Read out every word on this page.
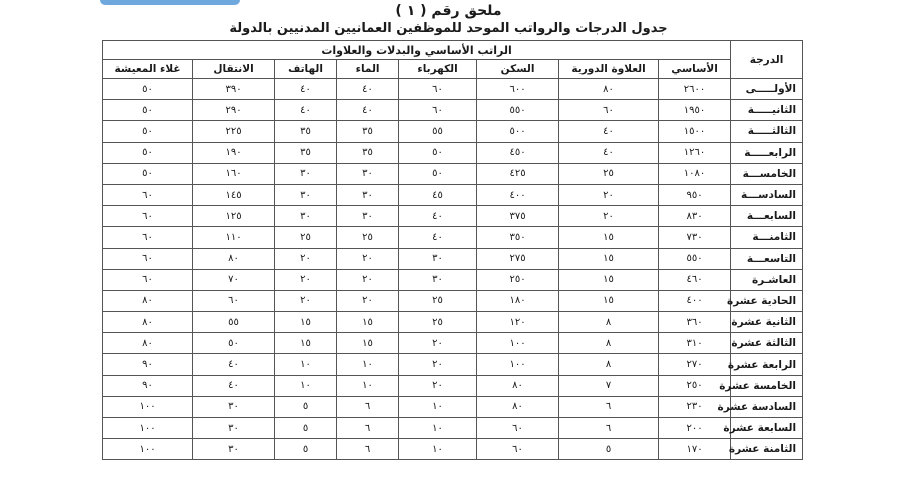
ملحق رقم ( ١ )
جدول الدرجات والرواتب الموحد للموظفين العمانيين المدنيين بالدولة
الدرجة	الراتب الأساسي والبدلات والعلاوات							
	الأساسي	العلاوة الدورية	السكن	الكهرباء	الماء	الهاتف	الانتقال	غلاء المعيشة
الأولـــــى	٢٦٠٠	٨٠	٦٠٠	٦٠	٤٠	٤٠	٣٩٠	٥٠
الثانيـــــة	١٩٥٠	٦٠	٥٥٠	٦٠	٤٠	٤٠	٢٩٠	٥٠
الثالثـــــة	١٥٠٠	٤٠	٥٠٠	٥٥	٣٥	٣٥	٢٢٥	٥٠
الرابعـــــة	١٢٦٠	٤٠	٤٥٠	٥٠	٣٥	٣٥	١٩٠	٥٠
الخامســـة	١٠٨٠	٢٥	٤٢٥	٥٠	٣٠	٣٠	١٦٠	٥٠
السادســـة	٩٥٠	٢٠	٤٠٠	٤٥	٣٠	٣٠	١٤٥	٦٠
السابعـــة	٨٣٠	٢٠	٣٧٥	٤٠	٣٠	٣٠	١٢٥	٦٠
الثامنـــة	٧٣٠	١٥	٣٥٠	٤٠	٢٥	٢٥	١١٠	٦٠
التاسعـــة	٥٥٠	١٥	٢٧٥	٣٠	٢٠	٢٠	٨٠	٦٠
العاشـرة	٤٦٠	١٥	٢٥٠	٣٠	٢٠	٢٠	٧٠	٦٠
الحادية عشرة	٤٠٠	١٥	١٨٠	٢٥	٢٠	٢٠	٦٠	٨٠
الثانية عشرة	٣٦٠	٨	١٢٠	٢٥	١٥	١٥	٥٥	٨٠
الثالثة عشرة	٣١٠	٨	١٠٠	٢٠	١٥	١٥	٥٠	٨٠
الرابعة عشرة	٢٧٠	٨	١٠٠	٢٠	١٠	١٠	٤٠	٩٠
الخامسة عشرة	٢٥٠	٧	٨٠	٢٠	١٠	١٠	٤٠	٩٠
السادسة عشرة	٢٣٠	٦	٨٠	١٠	٦	٥	٣٠	١٠٠
السابعة عشرة	٢٠٠	٦	٦٠	١٠	٦	٥	٣٠	١٠٠
الثامنة عشرة	١٧٠	٥	٦٠	١٠	٦	٥	٣٠	١٠٠
